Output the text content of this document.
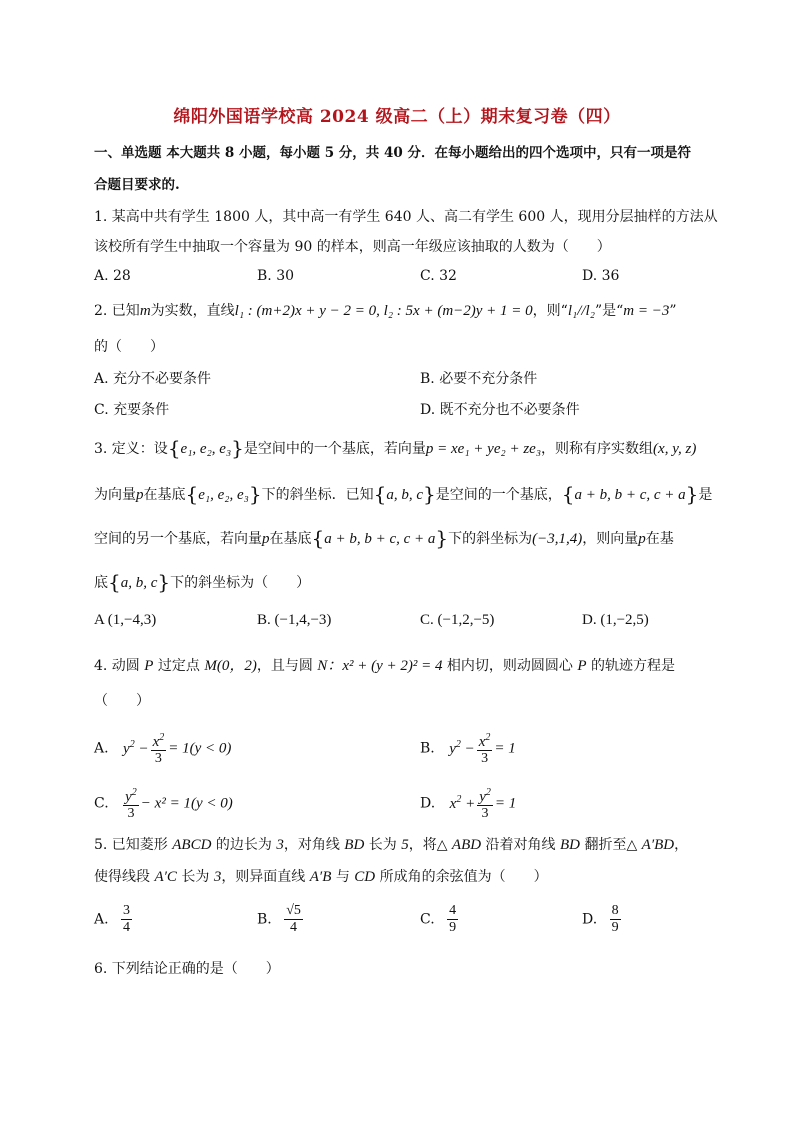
绵阳外国语学校高 2024 级高二（上）期末复习卷（四）
一、单选题 本大题共 8 小题，每小题 5 分，共 40 分．在每小题给出的四个选项中，只有一项是符
合题目要求的.
1. 某高中共有学生 1800 人，其中高一有学生 640 人、高二有学生 600 人，现用分层抽样的方法从
该校所有学生中抽取一个容量为 90 的样本，则高一年级应该抽取的人数为（　　）
A. 28	B. 30	C. 32	D. 36
2. 已知m为实数，直线l₁ : (m+2)x + y − 2 = 0, l₂ : 5x + (m−2)y + 1 = 0，则“l₁//l₂”是“m = −3”
的（　　）
A. 充分不必要条件	B. 必要不充分条件
C. 充要条件	D. 既不充分也不必要条件
3. 定义：设{e₁, e₂, e₃}是空间中的一个基底，若向量p = xe₁ + ye₂ + ze₃，则称有序实数组(x, y, z)
为向量p在基底{e₁, e₂, e₃}下的斜坐标．已知{a, b, c}是空间的一个基底，{a + b, b + c, c + a}是
空间的另一个基底，若向量p在基底{a + b, b + c, c + a}下的斜坐标为(−3,1,4)，则向量p在基
底{a, b, c}下的斜坐标为（　　）
A (1,−4,3)	B. (−1,4,−3)	C. (−1,2,−5)	D. (1,−2,5)
4. 动圆 P 过定点 M(0，2)，且与圆 N：x² + (y + 2)² = 4 相内切，则动圆圆心 P 的轨迹方程是
（　　）
A. $y^2 - \frac{x^2}{3} = 1(y < 0)$	B. $y^2 - \frac{x^2}{3} = 1$
C. $\frac{y^2}{3} - x^2 = 1(y < 0)$	D. $x^2 + \frac{y^2}{3} = 1$
5. 已知菱形 ABCD 的边长为 3，对角线 BD 长为 5，将△ ABD 沿着对角线 BD 翻折至△ A′BD，
使得线段 A′C 长为 3，则异面直线 A′B 与 CD 所成角的余弦值为（　　）
A. $\frac{3}{4}$	B. $\frac{√5}{4}$	C. $\frac{4}{9}$	D. $\frac{8}{9}$
6. 下列结论正确的是（　　）
